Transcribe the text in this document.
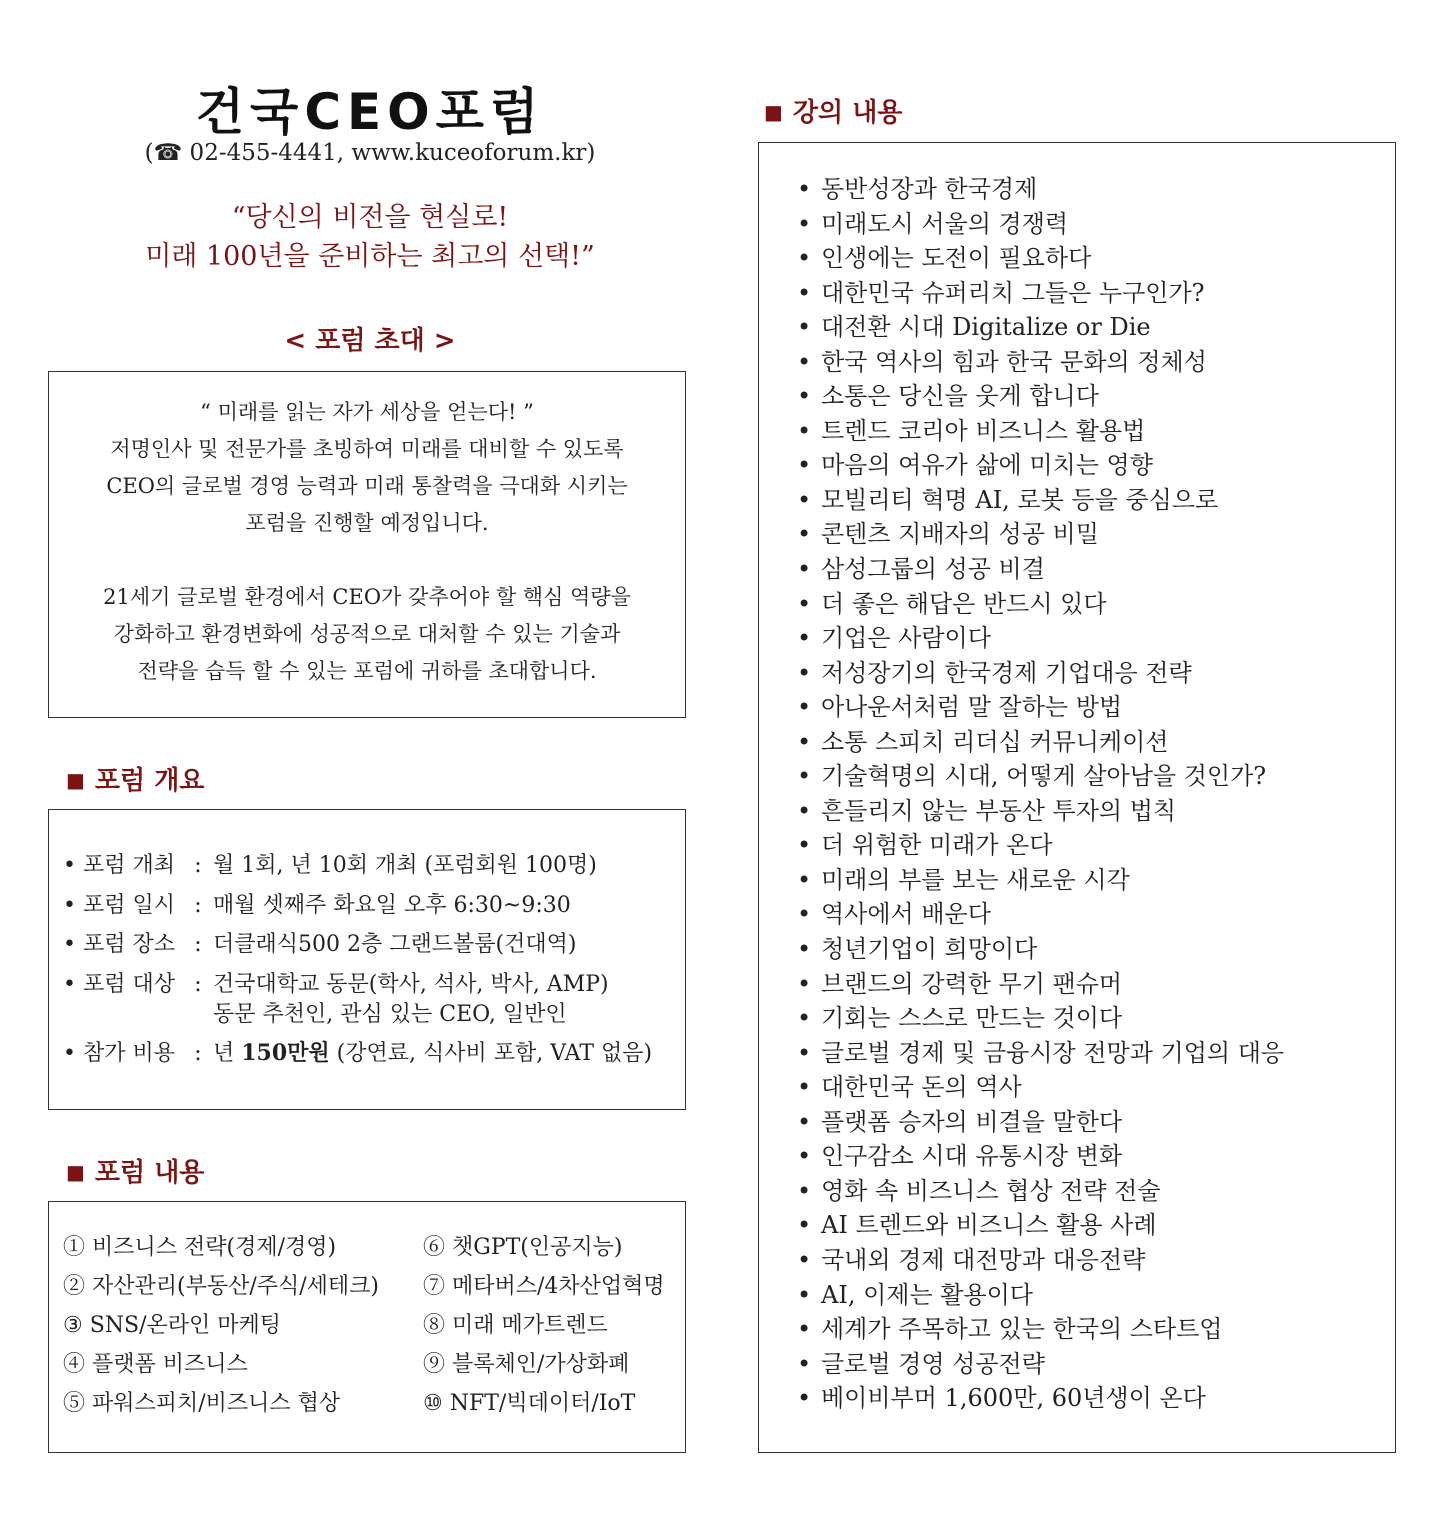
건국CEO포럼
(☎ 02-455-4441, www.kuceoforum.kr)
“당신의 비전을 현실로!
미래 100년을 준비하는 최고의 선택!”
< 포럼 초대 >

“ 미래를 읽는 자가 세상을 얻는다! ”
저명인사 및 전문가를 초빙하여 미래를 대비할 수 있도록
CEO의 글로벌 경영 능력과 미래 통찰력을 극대화 시키는
포럼을 진행할 예정입니다.

21세기 글로벌 환경에서 CEO가 갖추어야 할 핵심 역량을
강화하고 환경변화에 성공적으로 대처할 수 있는 기술과
전략을 습득 할 수 있는 포럼에 귀하를 초대합니다.

■ 포럼 개요
• 포럼 개최 : 월 1회, 년 10회 개최 (포럼회원 100명)
• 포럼 일시 : 매월 셋째주 화요일 오후 6:30~9:30
• 포럼 장소 : 더클래식500 2층 그랜드볼룸(건대역)
• 포럼 대상 : 건국대학교 동문(학사, 석사, 박사, AMP)
동문 추천인, 관심 있는 CEO, 일반인
• 참가 비용 : 년 150만원 (강연료, 식사비 포함, VAT 없음)
■ 포럼 내용
① 비즈니스 전략(경제/경영)	⑥ 챗GPT(인공지능)
② 자산관리(부동산/주식/세테크)	⑦ 메타버스/4차산업혁명
③ SNS/온라인 마케팅	⑧ 미래 메가트렌드
④ 플랫폼 비즈니스	⑨ 블록체인/가상화폐
⑤ 파워스피치/비즈니스 협상	⑩ NFT/빅데이터/IoT
■ 강의 내용
• 동반성장과 한국경제
• 미래도시 서울의 경쟁력
• 인생에는 도전이 필요하다
• 대한민국 슈퍼리치 그들은 누구인가?
• 대전환 시대 Digitalize or Die
• 한국 역사의 힘과 한국 문화의 정체성
• 소통은 당신을 웃게 합니다
• 트렌드 코리아 비즈니스 활용법
• 마음의 여유가 삶에 미치는 영향
• 모빌리티 혁명 AI, 로봇 등을 중심으로
• 콘텐츠 지배자의 성공 비밀
• 삼성그룹의 성공 비결
• 더 좋은 해답은 반드시 있다
• 기업은 사람이다
• 저성장기의 한국경제 기업대응 전략
• 아나운서처럼 말 잘하는 방법
• 소통 스피치 리더십 커뮤니케이션
• 기술혁명의 시대, 어떻게 살아남을 것인가?
• 흔들리지 않는 부동산 투자의 법칙
• 더 위험한 미래가 온다
• 미래의 부를 보는 새로운 시각
• 역사에서 배운다
• 청년기업이 희망이다
• 브랜드의 강력한 무기 팬슈머
• 기회는 스스로 만드는 것이다
• 글로벌 경제 및 금융시장 전망과 기업의 대응
• 대한민국 돈의 역사
• 플랫폼 승자의 비결을 말한다
• 인구감소 시대 유통시장 변화
• 영화 속 비즈니스 협상 전략 전술
• AI 트렌드와 비즈니스 활용 사례
• 국내외 경제 대전망과 대응전략
• AI, 이제는 활용이다
• 세계가 주목하고 있는 한국의 스타트업
• 글로벌 경영 성공전략
• 베이비부머 1,600만, 60년생이 온다
